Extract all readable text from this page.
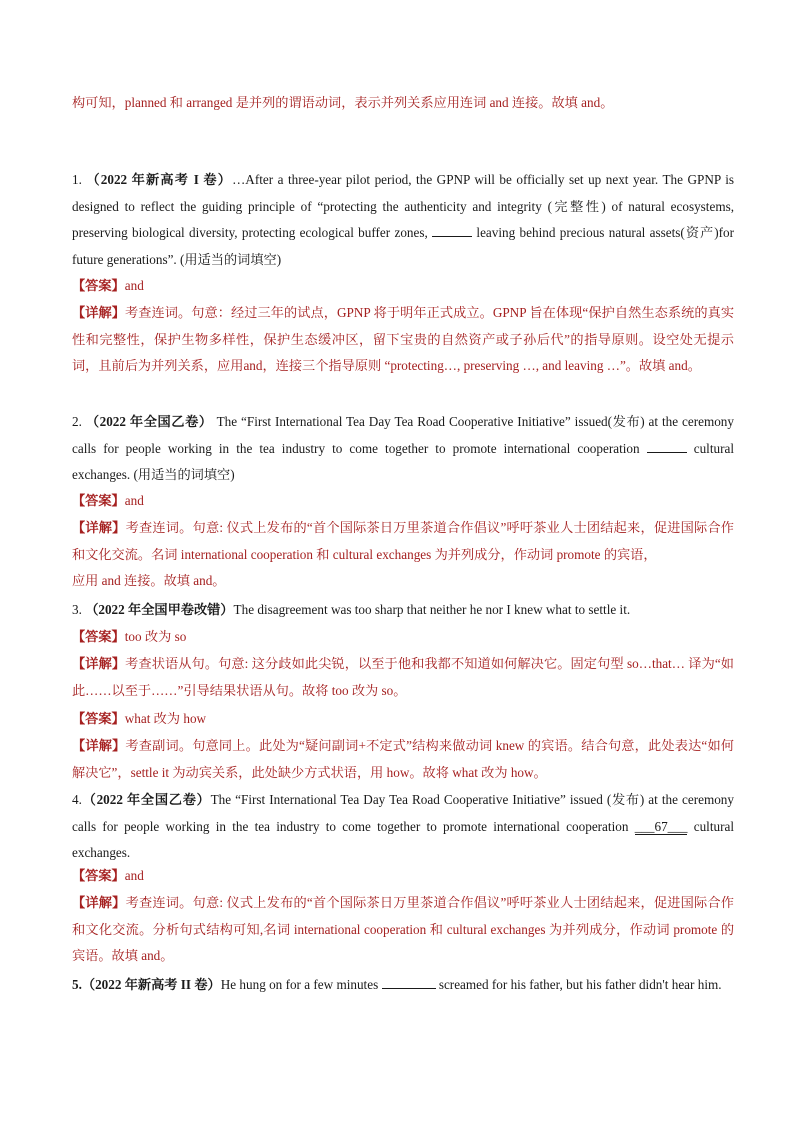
构可知，planned 和 arranged 是并列的谓语动词，表示并列关系应用连词 and 连接。故填 and。
1. （2022 年新高考 I 卷）…After a three-year pilot period, the GPNP will be officially set up next year. The GPNP is designed to reflect the guiding principle of “protecting the authenticity and integrity (完整性) of natural ecosystems, preserving biological diversity, protecting ecological buffer zones,	leaving behind precious natural assets(资产)for future generations”. (用适当的词填空)
【答案】and
【详解】考查连词。句意：经过三年的试点，GPNP 将于明年正式成立。GPNP 旨在体现“保护自然生态系统的真实性和完整性，保护生物多样性，保护生态缓冲区，留下宝贵的自然资产或子孙后代”的指导原则。设空处无提示词，且前后为并列关系，应用and，连接三个指导原则 “protecting…, preserving …, and leaving …”。故填 and。
2. （2022 年全国乙卷） The “First International Tea Day Tea Road Cooperative Initiative” issued(发布) at the ceremony calls for people working in the tea industry to come together to promote international cooperation	cultural exchanges. (用适当的词填空)
【答案】and
【详解】考查连词。句意: 仪式上发布的“首个国际茶日万里茶道合作倡议”呼吁茶业人士团结起来，促进国际合作和文化交流。名词 international cooperation 和 cultural exchanges 为并列成分，作动词 promote 的宾语，
应用 and 连接。故填 and。
3. （2022 年全国甲卷改错）The disagreement was too sharp that neither he nor I knew what to settle it.
【答案】too 改为 so
【详解】考查状语从句。句意: 这分歧如此尖锐，以至于他和我都不知道如何解决它。固定句型 so…that… 译为“如此……以至于……”引导结果状语从句。故将 too 改为 so。
【答案】what 改为 how
【详解】考查副词。句意同上。此处为“疑问副词+不定式”结构来做动词 knew 的宾语。结合句意，此处表达“如何解决它”，settle it 为动宾关系，此处缺少方式状语，用 how。故将 what 改为 how。
4.（2022 年全国乙卷）The “First International Tea Day Tea Road Cooperative Initiative” issued (发布) at the ceremony calls for people working in the tea industry to come together to promote international cooperation ___67___ cultural exchanges.
【答案】and
【详解】考查连词。句意: 仪式上发布的“首个国际茶日万里茶道合作倡议”呼吁茶业人士团结起来，促进国际合作和文化交流。分析句式结构可知,名词 international cooperation 和 cultural exchanges 为并列成分，作动词 promote 的宾语。故填 and。
5.（2022 年新高考 II 卷）He hung on for a few minutes	screamed for his father, but his father didn't hear him.
